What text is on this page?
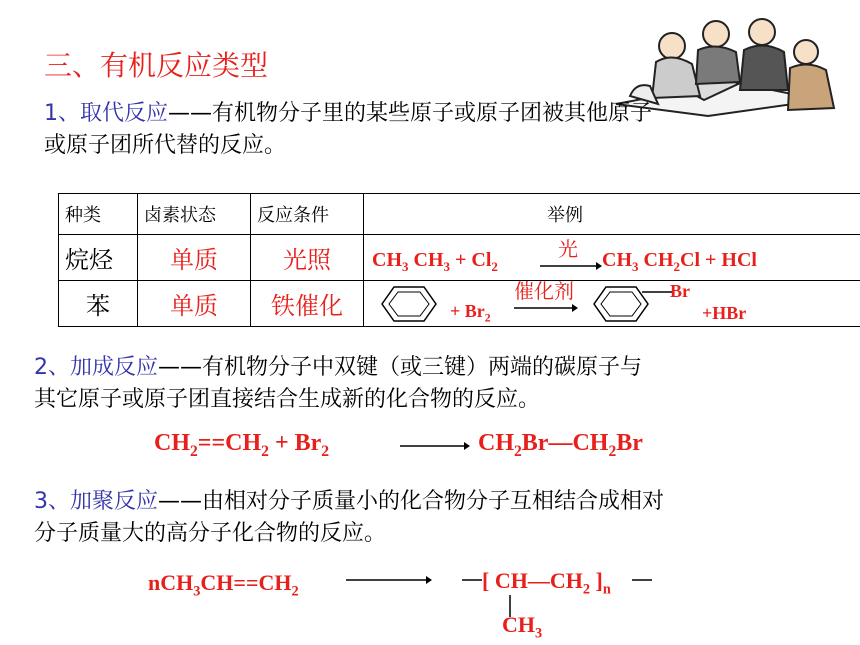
三、有机反应类型
1、取代反应——有机物分子里的某些原子或原子团被其他原子
或原子团所代替的反应。
种类	卤素状态	反应条件	举例
烷烃	单质	光照	$CH_3$ $CH_3 + Cl_2$
光 → $CH_3$ $CH_2Cl$ + HCl

苯	单质	铁催化	+ $Br_2$
催化剂 Br
+HBr
2、加成反应——有机物分子中双键（或三键）两端的碳原子与
其它原子或原子团直接结合生成新的化合物的反应。
$CH_2==CH_2 + Br_2$	$CH_2Br—CH_2Br$
3、加聚反应——由相对分子质量小的化合物分子互相结合成相对
分子质量大的高分子化合物的反应。
$nCH_3CH==CH_2$	[ $CH—CH_2$ ]$_n$
$CH_3$
